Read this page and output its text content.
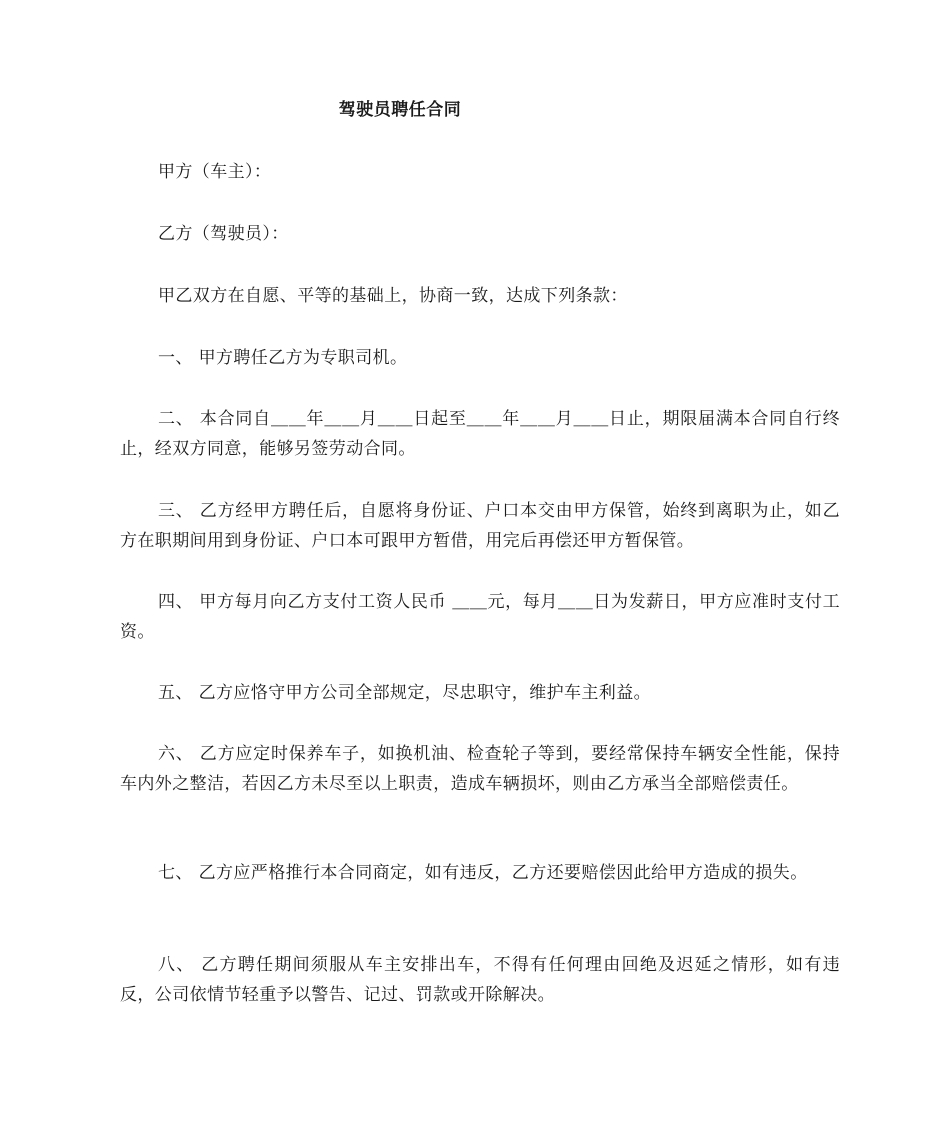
驾驶员聘任合同

甲方（车主）：

乙方（驾驶员）：

甲乙双方在自愿、平等的基础上，协商一致，达成下列条款：

一、 甲方聘任乙方为专职司机。

二、 本合同自＿＿年＿＿月＿＿日起至＿＿年＿＿月＿＿日止，期限届满本合同自行终止，经双方同意，能够另签劳动合同。

三、 乙方经甲方聘任后，自愿将身份证、户口本交由甲方保管，始终到离职为止，如乙方在职期间用到身份证、户口本可跟甲方暂借，用完后再偿还甲方暂保管。

四、 甲方每月向乙方支付工资人民币 ＿＿元，每月＿＿日为发薪日，甲方应准时支付工资。

五、 乙方应恪守甲方公司全部规定，尽忠职守，维护车主利益。

六、 乙方应定时保养车子，如换机油、检查轮子等到，要经常保持车辆安全性能，保持车内外之整洁，若因乙方未尽至以上职责，造成车辆损坏，则由乙方承当全部赔偿责任。

七、 乙方应严格推行本合同商定，如有违反，乙方还要赔偿因此给甲方造成的损失。

八、 乙方聘任期间须服从车主安排出车，不得有任何理由回绝及迟延之情形，如有违反，公司依情节轻重予以警告、记过、罚款或开除解决。
